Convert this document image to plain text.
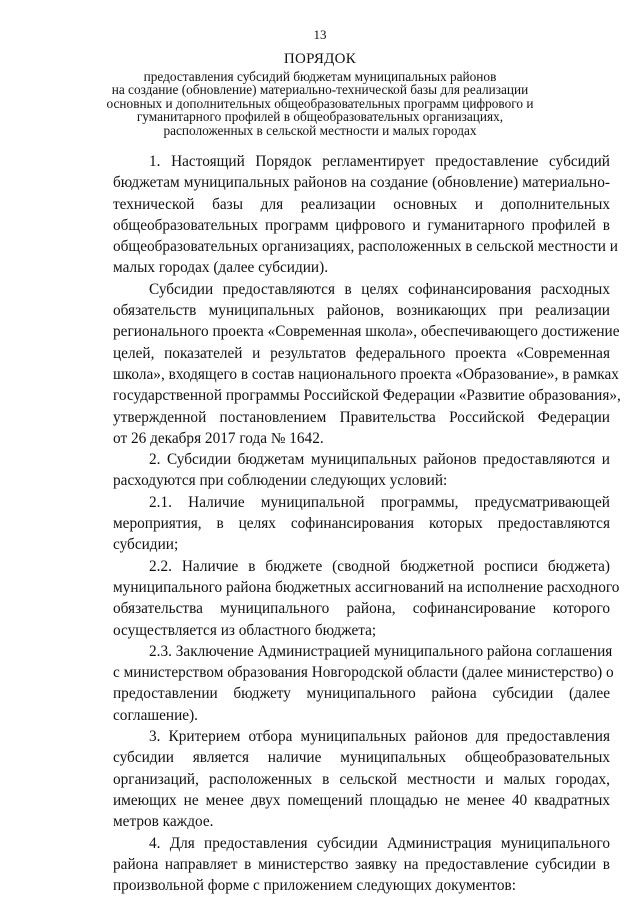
13
ПОРЯДОК
предоставления субсидий бюджетам муниципальных районов
на создание (обновление) материально-технической базы для реализации
основных и дополнительных общеобразовательных программ цифрового и
гуманитарного профилей в общеобразовательных организациях,
расположенных в сельской местности и малых городах
1. Настоящий Порядок регламентирует предоставление субсидий
бюджетам муниципальных районов на создание (обновление) материально-
технической базы для реализации основных и дополнительных
общеобразовательных программ цифрового и гуманитарного профилей в
общеобразовательных организациях, расположенных в сельской местности и
малых городах (далее субсидии).
Субсидии предоставляются в целях софинансирования расходных
обязательств муниципальных районов, возникающих при реализации
регионального проекта «Современная школа», обеспечивающего достижение
целей, показателей и результатов федерального проекта «Современная
школа», входящего в состав национального проекта «Образование», в рамках
государственной программы Российской Федерации «Развитие образования»,
утвержденной постановлением Правительства Российской Федерации
от 26 декабря 2017 года № 1642.
2. Субсидии бюджетам муниципальных районов предоставляются и
расходуются при соблюдении следующих условий:
2.1. Наличие муниципальной программы, предусматривающей
мероприятия, в целях софинансирования которых предоставляются
субсидии;
2.2. Наличие в бюджете (сводной бюджетной росписи бюджета)
муниципального района бюджетных ассигнований на исполнение расходного
обязательства муниципального района, софинансирование которого
осуществляется из областного бюджета;
2.3. Заключение Администрацией муниципального района соглашения
с министерством образования Новгородской области (далее министерство) о
предоставлении бюджету муниципального района субсидии (далее
соглашение).
3. Критерием отбора муниципальных районов для предоставления
субсидии является наличие муниципальных общеобразовательных
организаций, расположенных в сельской местности и малых городах,
имеющих не менее двух помещений площадью не менее 40 квадратных
метров каждое.
4. Для предоставления субсидии Администрация муниципального
района направляет в министерство заявку на предоставление субсидии в
произвольной форме с приложением следующих документов:
